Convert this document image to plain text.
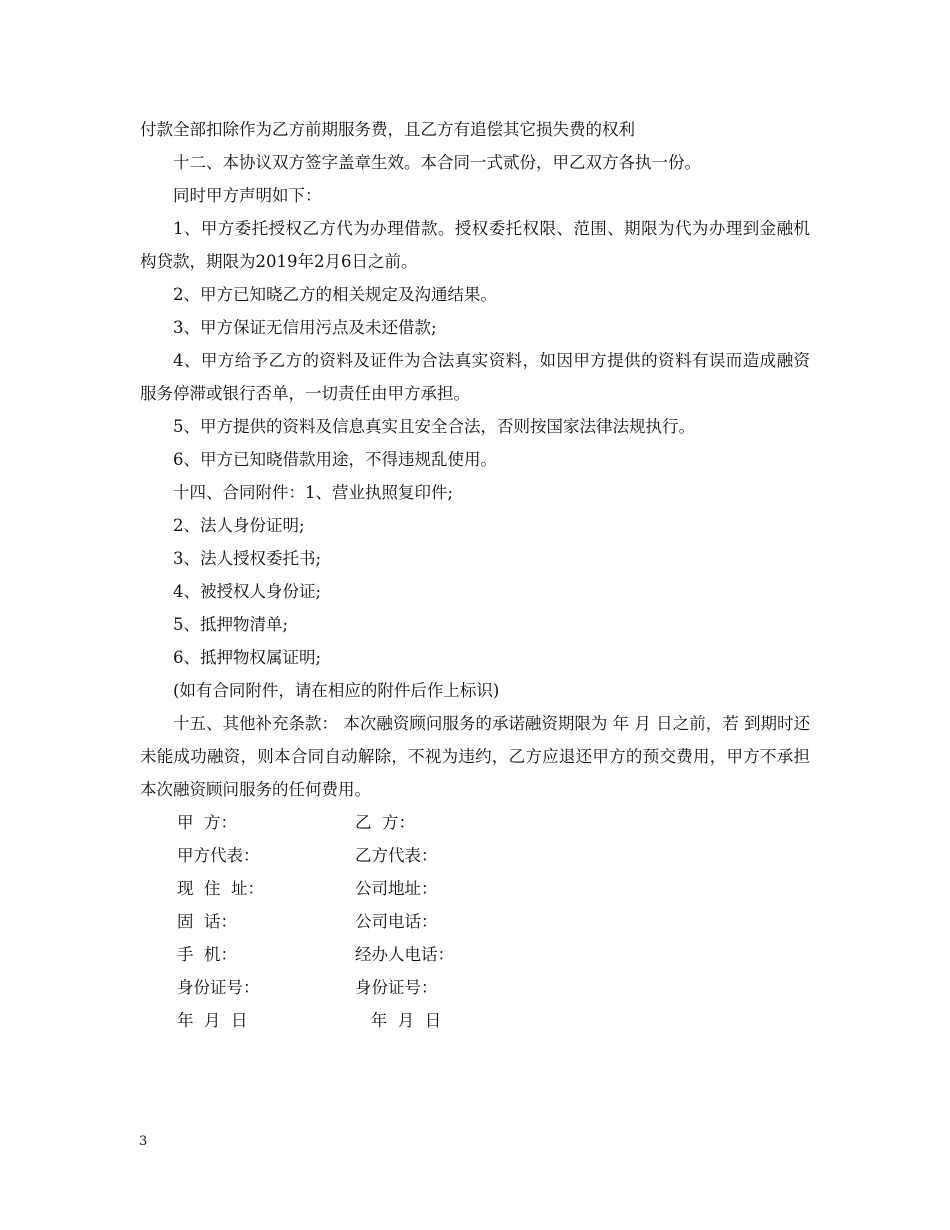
付款全部扣除作为乙方前期服务费，且乙方有追偿其它损失费的权利

十二、本协议双方签字盖章生效。本合同一式贰份，甲乙双方各执一份。

同时甲方声明如下：

1、甲方委托授权乙方代为办理借款。授权委托权限、范围、期限为代为办理到金融机构贷款，期限为2019年2月6日之前。

2、甲方已知晓乙方的相关规定及沟通结果。

3、甲方保证无信用污点及未还借款;

4、甲方给予乙方的资料及证件为合法真实资料，如因甲方提供的资料有误而造成融资服务停滞或银行否单，一切责任由甲方承担。

5、甲方提供的资料及信息真实且安全合法，否则按国家法律法规执行。

6、甲方已知晓借款用途，不得违规乱使用。

十四、合同附件：1、营业执照复印件;

2、法人身份证明;

3、法人授权委托书;

4、被授权人身份证;

5、抵押物清单;

6、抵押物权属证明;

(如有合同附件，请在相应的附件后作上标识)

十五、其他补充条款： 本次融资顾问服务的承诺融资期限为 年 月 日之前，若 到期时还未能成功融资，则本合同自动解除，不视为违约，乙方应退还甲方的预交费用，甲方不承担本次融资顾问服务的任何费用。

甲  方：	乙  方：
甲方代表：	乙方代表：
现  住  址：	公司地址：
固  话：	公司电话：
手  机：	经办人电话：
身份证号：	身份证号：
年  月  日	年  月  日
3
